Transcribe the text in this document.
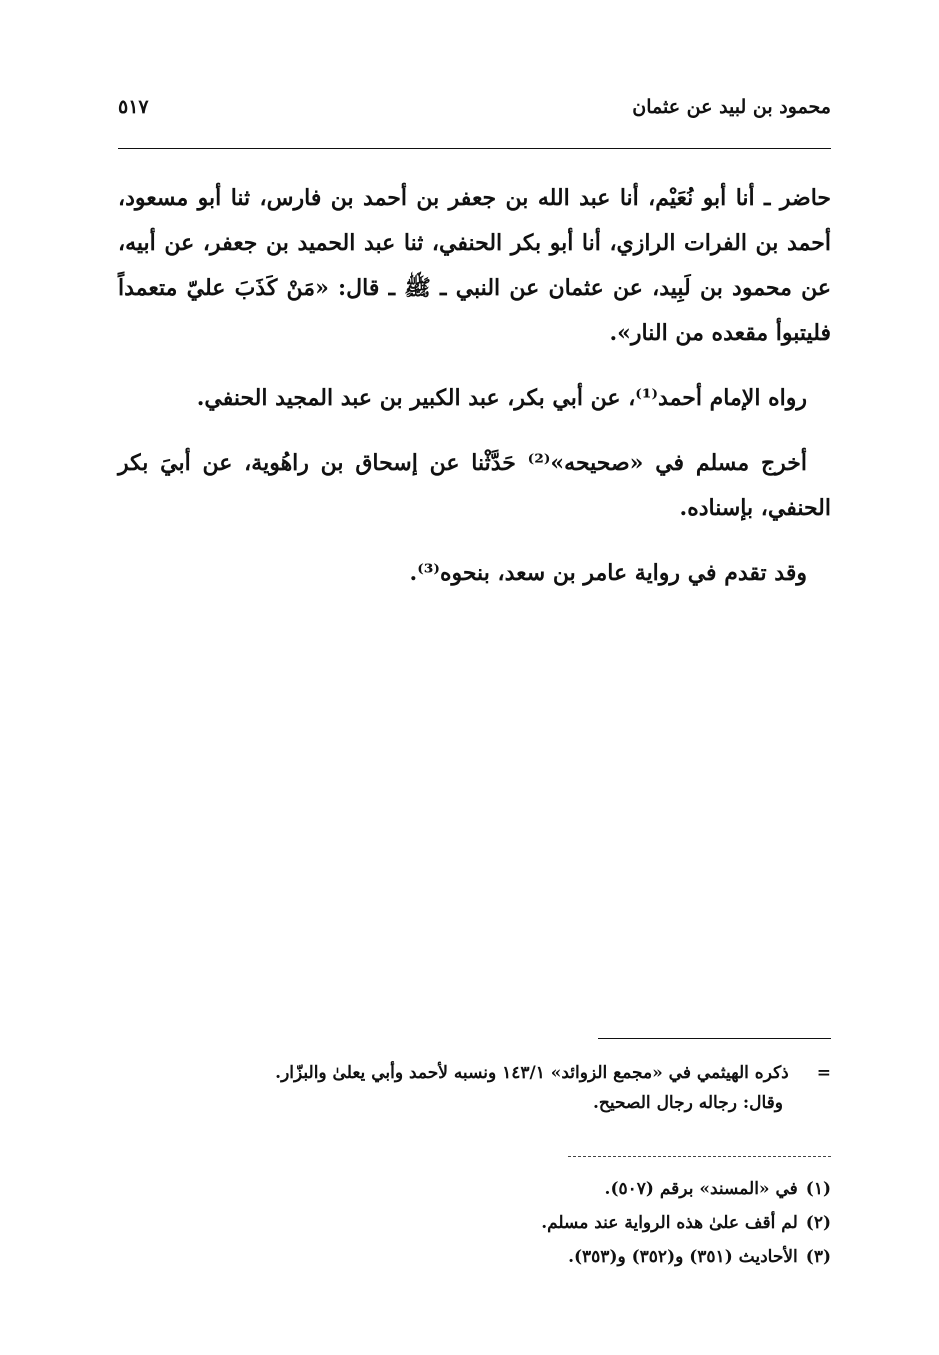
محمود بن لبيد عن عثمان
٥١٧

حاضر ـ أنا أبو نُعَيْم، أنا عبد الله بن جعفر بن أحمد بن فارس، ثنا أبو مسعود، أحمد بن الفرات الرازي، أنا أبو بكر الحنفي، ثنا عبد الحميد بن جعفر، عن أبيه، عن محمود بن لَبِيد، عن عثمان عن النبي ـ ﷺ ـ قال: «مَنْ كَذَبَ عليّ متعمداً فليتبوأ مقعده من النار».

رواه الإمام أحمد⁽¹⁾، عن أبي بكر، عبد الكبير بن عبد المجيد الحنفي.

أخرج مسلم في «صحيحه»⁽²⁾ حَدَّثْنا عن إسحاق بن راهُوية، عن أبيَ بكر الحنفي، بإسناده.

وقد تقدم في رواية عامر بن سعد، بنحوه⁽³⁾.

=ذكره الهيثمي في «مجمع الزوائد» ١٤٣/١ ونسبه لأحمد وأبي يعلىٰ والبزّار.

وقال: رجاله رجال الصحيح.

(١)في «المسند» برقم (٥٠٧).
(٢)لم أقف علىٰ هذه الرواية عند مسلم.
(٣)الأحاديث (٣٥١) و(٣٥٢) و(٣٥٣).
